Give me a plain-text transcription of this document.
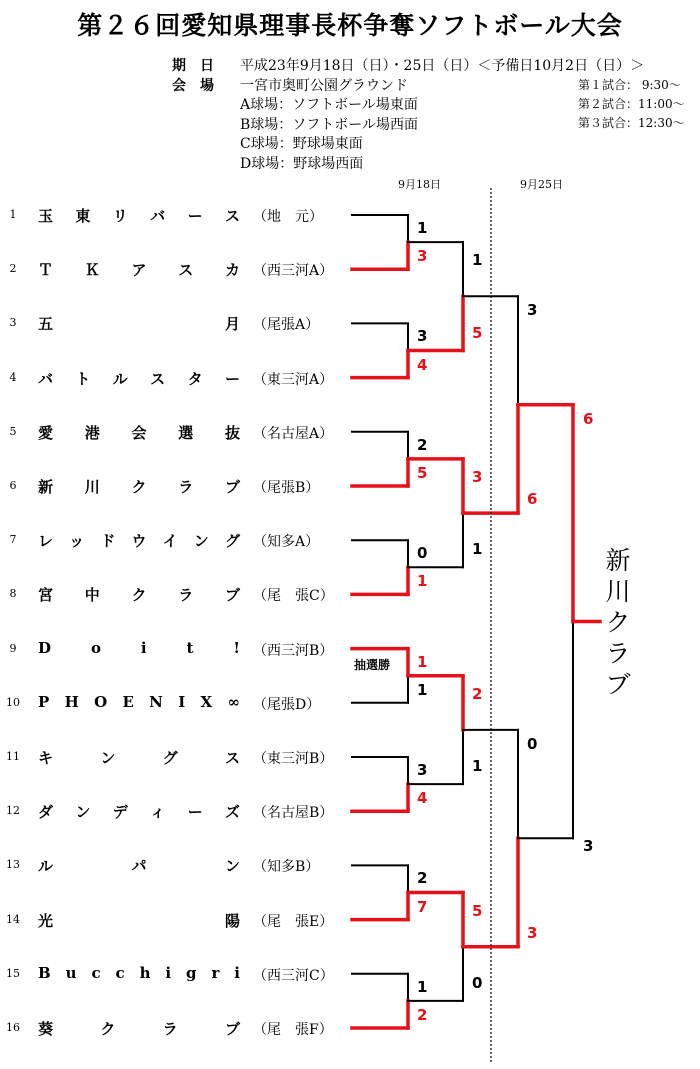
第２６回愛知県理事長杯争奪ソフトボール大会
期　日 平成23年9月18日（日）・25日（日）＜予備日10月2日（日）＞
会　場 一宮市奥町公園グラウンド
A球場：ソフトボール場東面
B球場：ソフトボール場西面
C球場：野球場東面
D球場：野球場西面
第１試合： 9:30～
第２試合：11:00～
第３試合：12:30～
9月18日	9月25日
1	玉 東 リ バ ー ス （地　元）
2	Ｔ Ｋ ア ス カ （西三河A）
3	五	月 （尾張A）
4	バ ト ル ス タ ー （東三河A）
5	愛 港 会 選 抜 （名古屋A）
6	新 川 ク ラ ブ （尾張B）
7	レ ッ ド ウ イ ン グ （知多A）
8	宮 中 ク ラ ブ （尾　張C）
9	D	o	i	t	! （西三河B）
10 P H O E N I X ∞ （尾張D）
11 キ	ン	グ	ス （東三河B）
12 ダ ン デ ィ ー ズ （名古屋B）
13 ル	パ	ン （知多B）
14 光	陽 （尾　張E）
15 B u c c h i g r i （西三河C）
16 葵	ク	ラ	ブ （尾　張F）
1
3
3
4
2
5
0
1
1
1
3
4
2
7
1
2
1
5
3
1
2
1
5
0
3
6
0
3
6
3
抽選勝
新
川
ク
ラ
ブ
